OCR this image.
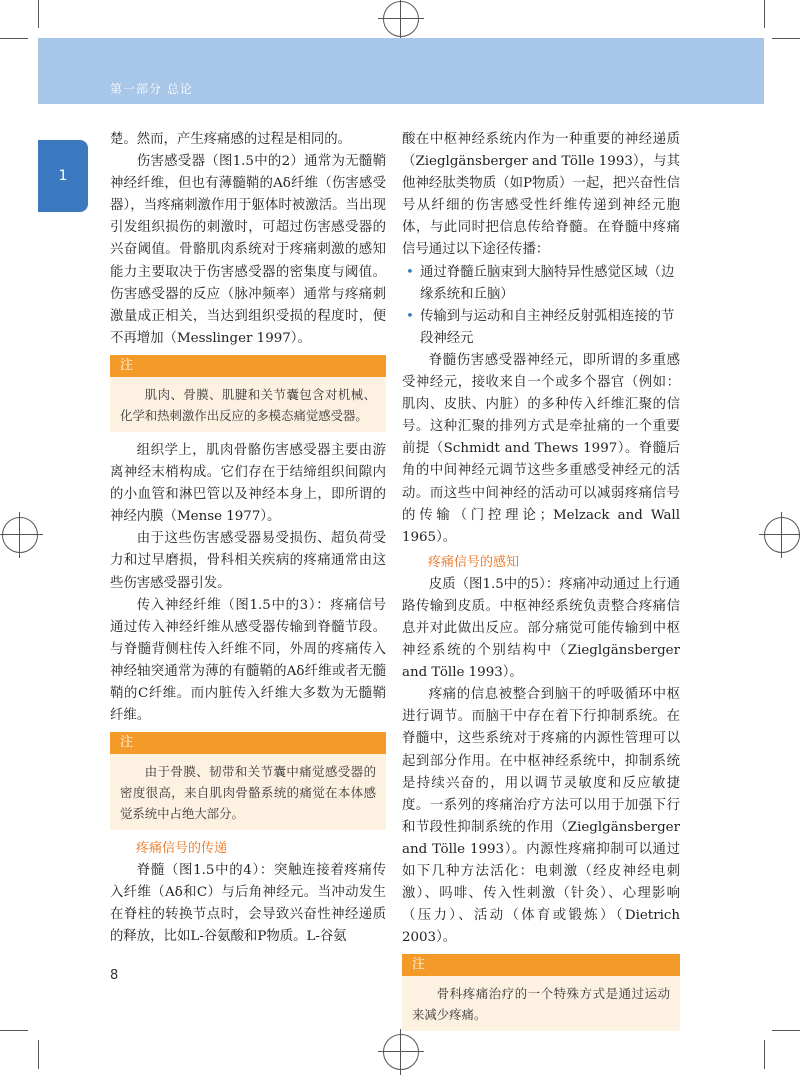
第一部分 总论
1

楚。然而，产生疼痛感的过程是相同的。

伤害感受器（图1.5中的2）通常为无髓鞘神经纤维，但也有薄髓鞘的Aδ纤维（伤害感受器），当疼痛刺激作用于躯体时被激活。当出现引发组织损伤的刺激时，可超过伤害感受器的兴奋阈值。骨骼肌肉系统对于疼痛刺激的感知能力主要取决于伤害感受器的密集度与阈值。伤害感受器的反应（脉冲频率）通常与疼痛刺激量成正相关，当达到组织受损的程度时，便不再增加（Messlinger 1997）。

注
肌肉、骨膜、肌腱和关节囊包含对机械、化学和热刺激作出反应的多模态痛觉感受器。

组织学上，肌肉骨骼伤害感受器主要由游离神经末梢构成。它们存在于结缔组织间隙内的小血管和淋巴管以及神经本身上，即所谓的神经内膜（Mense 1977）。

由于这些伤害感受器易受损伤、超负荷受力和过早磨损，骨科相关疾病的疼痛通常由这些伤害感受器引发。

传入神经纤维（图1.5中的3）：疼痛信号通过传入神经纤维从感受器传输到脊髓节段。与脊髓背侧柱传入纤维不同，外周的疼痛传入神经轴突通常为薄的有髓鞘的Aδ纤维或者无髓鞘的C纤维。而内脏传入纤维大多数为无髓鞘纤维。

注
由于骨膜、韧带和关节囊中痛觉感受器的密度很高，来自肌肉骨骼系统的痛觉在本体感觉系统中占绝大部分。
疼痛信号的传递

脊髓（图1.5中的4）：突触连接着疼痛传入纤维（Aδ和C）与后角神经元。当冲动发生在脊柱的转换节点时，会导致兴奋性神经递质的释放，比如L-谷氨酸和P物质。L-谷氨

酸在中枢神经系统内作为一种重要的神经递质（Zieglgänsberger and Tölle 1993），与其他神经肽类物质（如P物质）一起，把兴奋性信号从纤细的伤害感受性纤维传递到神经元胞体，与此同时把信息传给脊髓。在脊髓中疼痛信号通过以下途径传播：

• 通过脊髓丘脑束到大脑特异性感觉区域（边缘系统和丘脑）
• 传输到与运动和自主神经反射弧相连接的节段神经元

脊髓伤害感受器神经元，即所谓的多重感受神经元，接收来自一个或多个器官（例如：肌肉、皮肤、内脏）的多种传入纤维汇聚的信号。这种汇聚的排列方式是牵扯痛的一个重要前提（Schmidt and Thews 1997）。脊髓后角的中间神经元调节这些多重感受神经元的活动。而这些中间神经的活动可以减弱疼痛信号的传输（门控理论；Melzack and Wall 1965）。

疼痛信号的感知

皮质（图1.5中的5）：疼痛冲动通过上行通路传输到皮质。中枢神经系统负责整合疼痛信息并对此做出反应。部分痛觉可能传输到中枢神经系统的个别结构中（Zieglgänsberger and Tölle 1993）。

疼痛的信息被整合到脑干的呼吸循环中枢进行调节。而脑干中存在着下行抑制系统。在脊髓中，这些系统对于疼痛的内源性管理可以起到部分作用。在中枢神经系统中，抑制系统是持续兴奋的，用以调节灵敏度和反应敏捷度。一系列的疼痛治疗方法可以用于加强下行和节段性抑制系统的作用（Zieglgänsberger and Tölle 1993）。内源性疼痛抑制可以通过如下几种方法活化：电刺激（经皮神经电刺激）、吗啡、传入性刺激（针灸）、心理影响（压力）、活动（体育或锻炼）（Dietrich 2003）。

注
骨科疼痛治疗的一个特殊方式是通过运动来减少疼痛。
8
